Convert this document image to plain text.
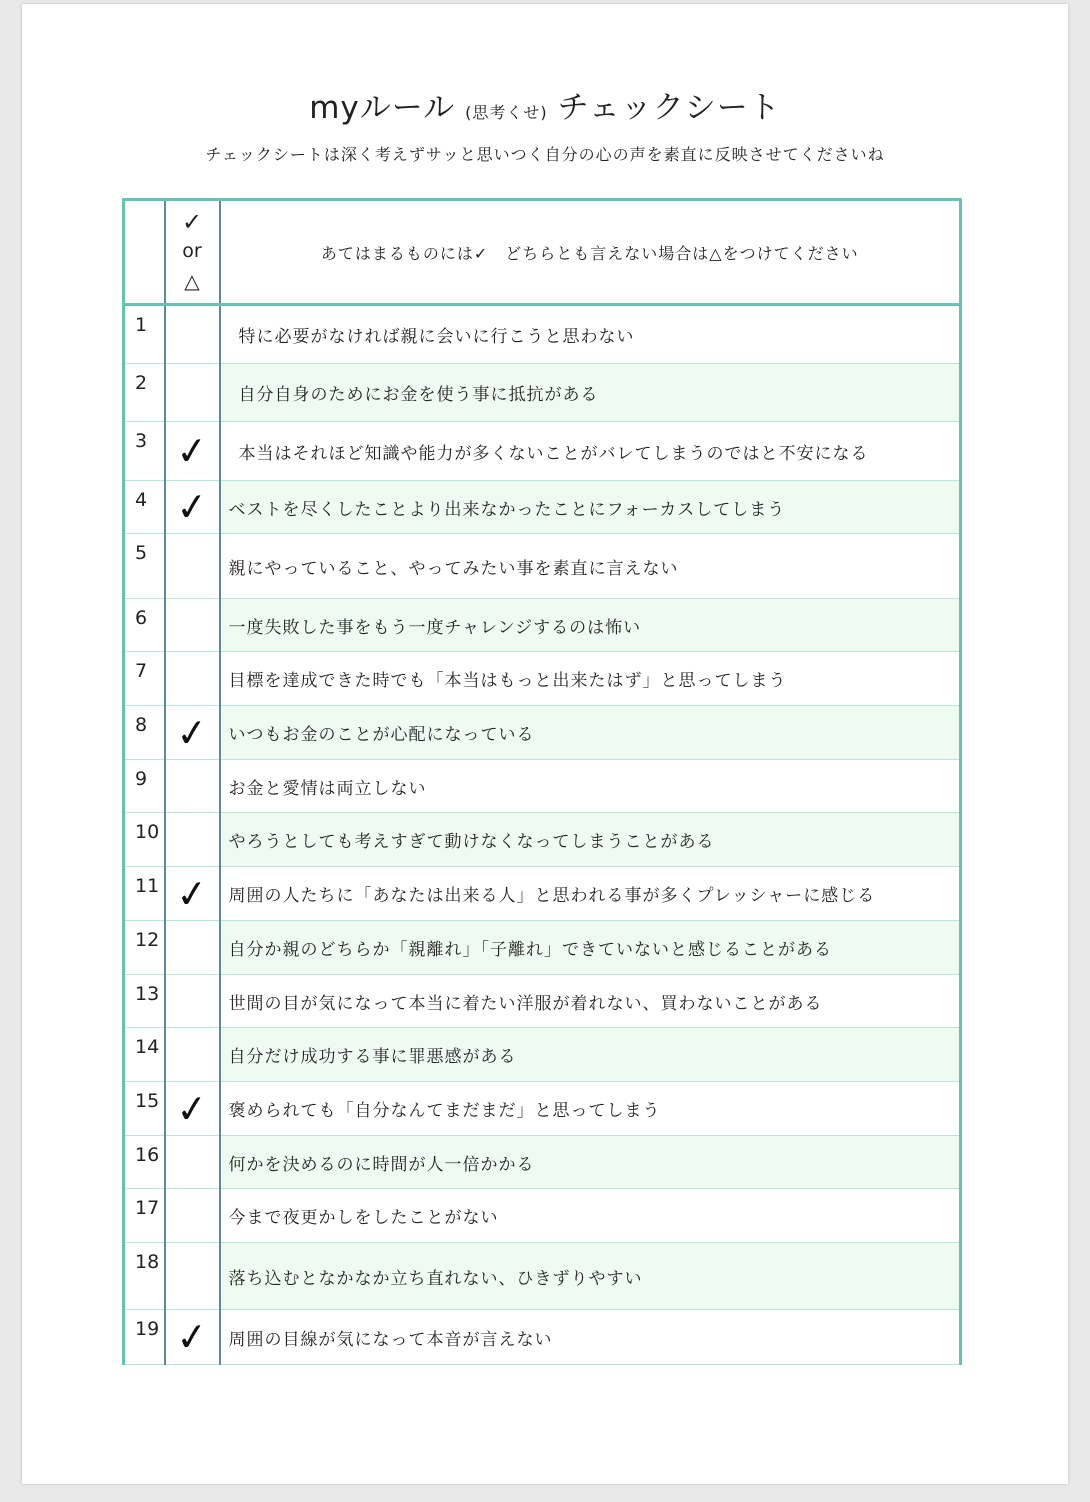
myルール (思考くせ) チェックシート
チェックシートは深く考えずサッと思いつく自分の心の声を素直に反映させてくださいね

	✓
or
△	あてはまるものには✓　どちらとも言えない場合は△をつけてください
1		特に必要がなければ親に会いに行こうと思わない
2		自分自身のためにお金を使う事に抵抗がある
3	✓	本当はそれほど知識や能力が多くないことがバレてしまうのではと不安になる
4	✓	ベストを尽くしたことより出来なかったことにフォーカスしてしまう
5		親にやっていること、やってみたい事を素直に言えない
6		一度失敗した事をもう一度チャレンジするのは怖い
7		目標を達成できた時でも「本当はもっと出来たはず」と思ってしまう
8	✓	いつもお金のことが心配になっている
9		お金と愛情は両立しない
10		やろうとしても考えすぎて動けなくなってしまうことがある
11	✓	周囲の人たちに「あなたは出来る人」と思われる事が多くプレッシャーに感じる
12		自分か親のどちらか「親離れ」「子離れ」できていないと感じることがある
13		世間の目が気になって本当に着たい洋服が着れない、買わないことがある
14		自分だけ成功する事に罪悪感がある
15	✓	褒められても「自分なんてまだまだ」と思ってしまう
16		何かを決めるのに時間が人一倍かかる
17		今まで夜更かしをしたことがない
18		落ち込むとなかなか立ち直れない、ひきずりやすい
19	✓	周囲の目線が気になって本音が言えない
